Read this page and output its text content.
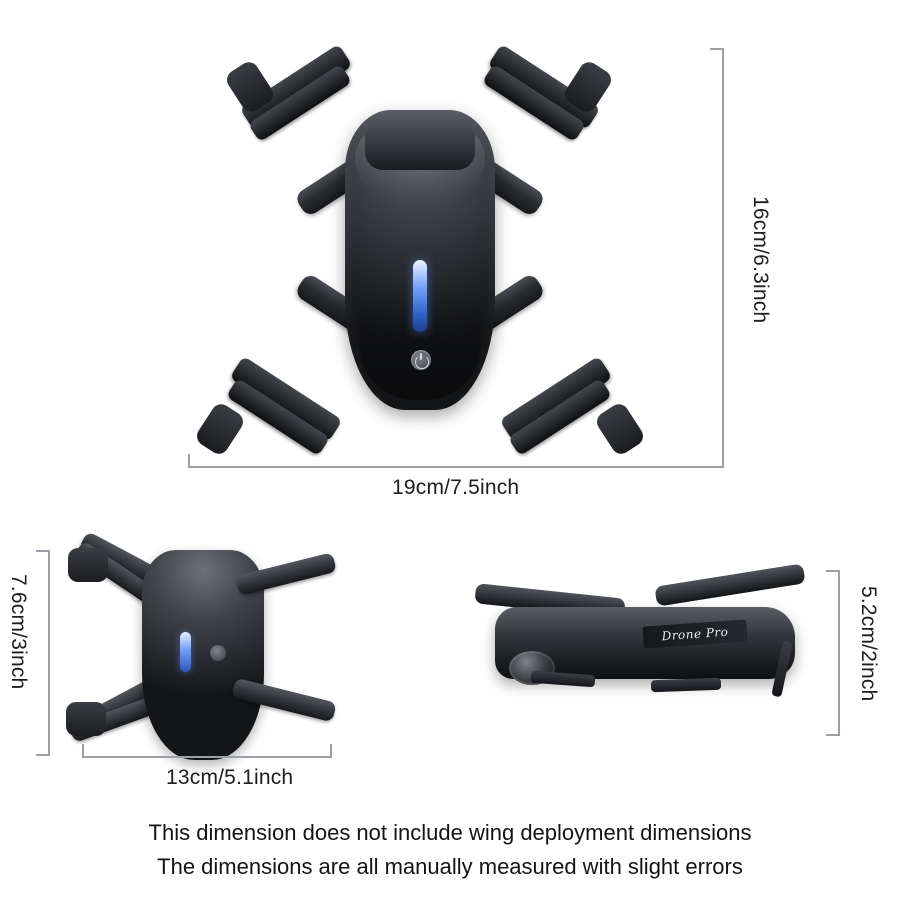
19cm/7.5inch
16cm/6.3inch
13cm/5.1inch
7.6cm/3inch	Drone Pro	5.2cm/2inch
This dimension does not include wing deployment dimensions
The dimensions are all manually measured with slight errors
